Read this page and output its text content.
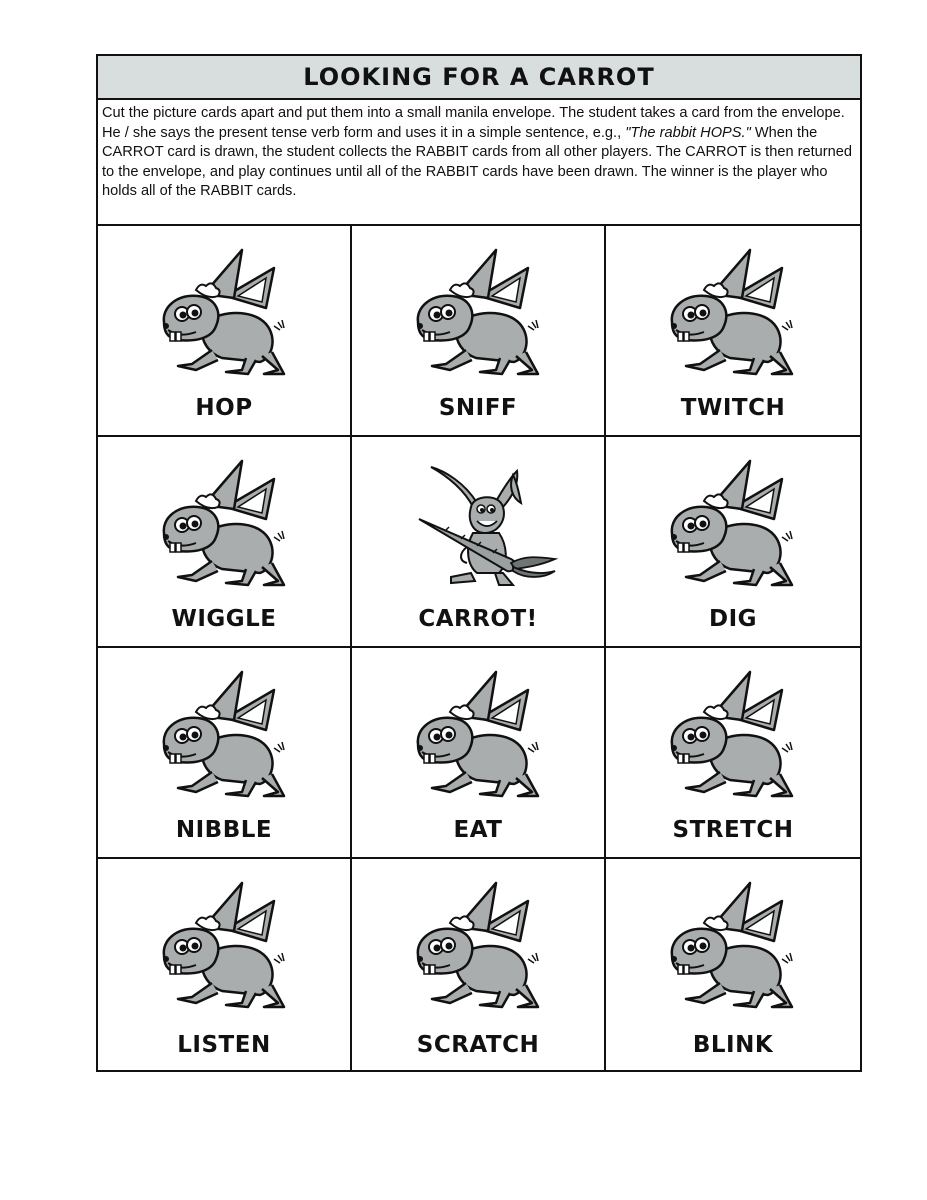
LOOKING FOR A CARROT
Cut the picture cards apart and put them into a small manila envelope. The student takes a card from the envelope. He / she says the present tense verb form and uses it in a simple sentence, e.g., "The rabbit HOPS." When the CARROT card is drawn, the student collects the RABBIT cards from all other players. The CARROT is then returned to the envelope, and play continues until all of the RABBIT cards have been drawn. The winner is the player who holds all of the RABBIT cards.
HOP	SNIFF	TWITCH
WIGGLE	CARROT!	DIG
NIBBLE	EAT	STRETCH
LISTEN	SCRATCH	BLINK
